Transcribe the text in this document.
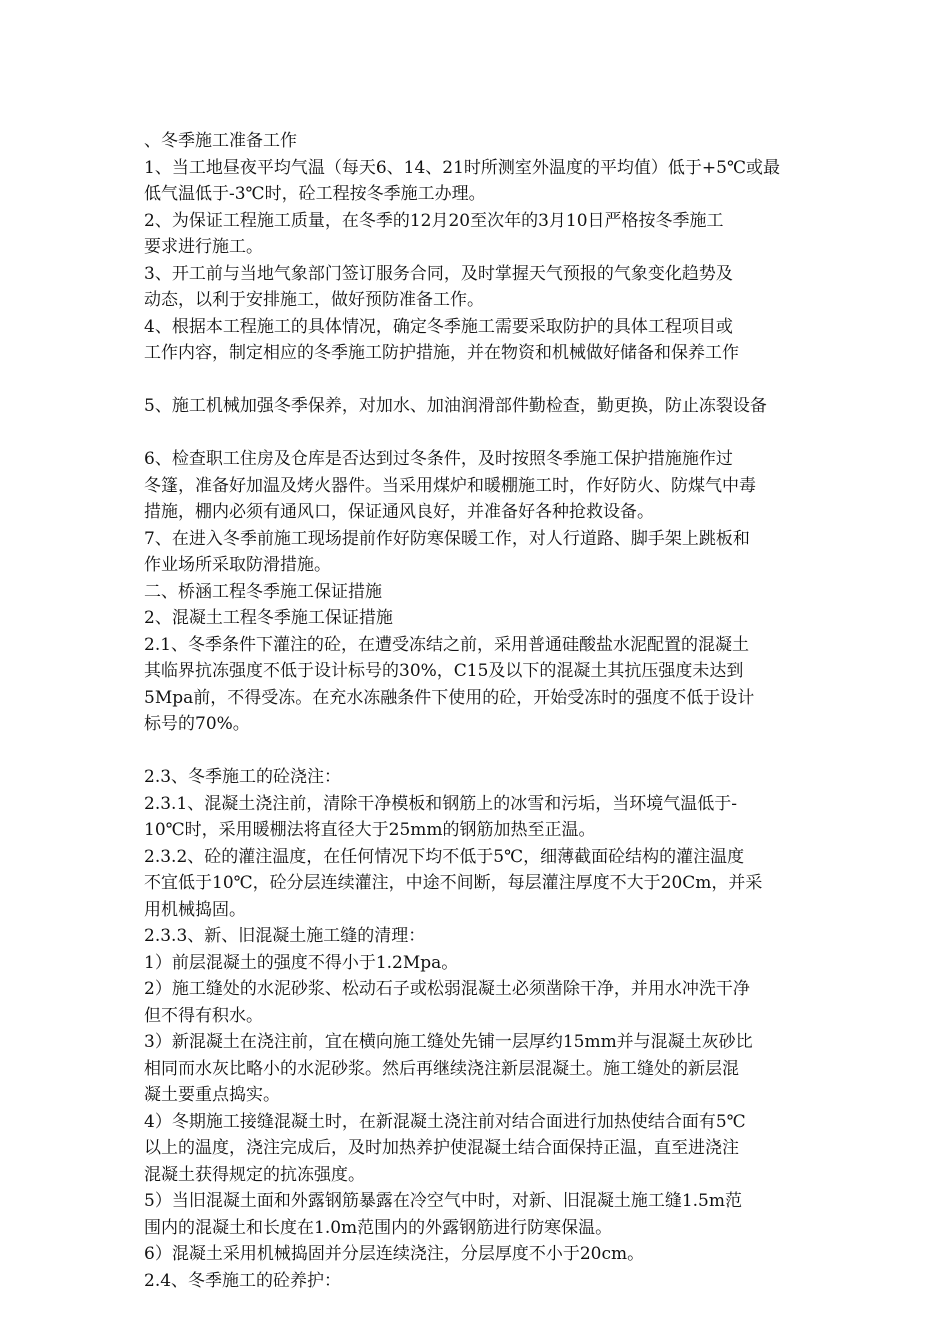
、冬季施工准备工作
1、当工地昼夜平均气温（每天6、14、21时所测室外温度的平均值）低于+5℃或最
低气温低于-3℃时，砼工程按冬季施工办理。
2、为保证工程施工质量，在冬季的12月20至次年的3月10日严格按冬季施工
要求进行施工。
3、开工前与当地气象部门签订服务合同，及时掌握天气预报的气象变化趋势及
动态，以利于安排施工，做好预防准备工作。
4、根据本工程施工的具体情况，确定冬季施工需要采取防护的具体工程项目或
工作内容，制定相应的冬季施工防护措施，并在物资和机械做好储备和保养工作
5、施工机械加强冬季保养，对加水、加油润滑部件勤检查，勤更换，防止冻裂设备
6、检查职工住房及仓库是否达到过冬条件，及时按照冬季施工保护措施施作过
冬篷，准备好加温及烤火器件。当采用煤炉和暖棚施工时，作好防火、防煤气中毒
措施，棚内必须有通风口，保证通风良好，并准备好各种抢救设备。
7、在进入冬季前施工现场提前作好防寒保暖工作，对人行道路、脚手架上跳板和
作业场所采取防滑措施。
二、桥涵工程冬季施工保证措施
2、混凝土工程冬季施工保证措施
2.1、冬季条件下灌注的砼，在遭受冻结之前，采用普通硅酸盐水泥配置的混凝土
其临界抗冻强度不低于设计标号的30%，C15及以下的混凝土其抗压强度未达到
5Mpa前，不得受冻。在充水冻融条件下使用的砼，开始受冻时的强度不低于设计
标号的70%。
2.3、冬季施工的砼浇注：
2.3.1、混凝土浇注前，清除干净模板和钢筋上的冰雪和污垢，当环境气温低于-
10℃时，采用暖棚法将直径大于25mm的钢筋加热至正温。
2.3.2、砼的灌注温度，在任何情况下均不低于5℃，细薄截面砼结构的灌注温度
不宜低于10℃，砼分层连续灌注，中途不间断，每层灌注厚度不大于20Cm，并采
用机械捣固。
2.3.3、新、旧混凝土施工缝的清理：
1）前层混凝土的强度不得小于1.2Mpa。
2）施工缝处的水泥砂浆、松动石子或松弱混凝土必须凿除干净，并用水冲洗干净
但不得有积水。
3）新混凝土在浇注前，宜在横向施工缝处先铺一层厚约15mm并与混凝土灰砂比
相同而水灰比略小的水泥砂浆。然后再继续浇注新层混凝土。施工缝处的新层混
凝土要重点捣实。
4）冬期施工接缝混凝土时，在新混凝土浇注前对结合面进行加热使结合面有5℃
以上的温度，浇注完成后，及时加热养护使混凝土结合面保持正温，直至进浇注
混凝土获得规定的抗冻强度。
5）当旧混凝土面和外露钢筋暴露在冷空气中时，对新、旧混凝土施工缝1.5m范
围内的混凝土和长度在1.0m范围内的外露钢筋进行防寒保温。
6）混凝土采用机械捣固并分层连续浇注，分层厚度不小于20cm。
2.4、冬季施工的砼养护：
